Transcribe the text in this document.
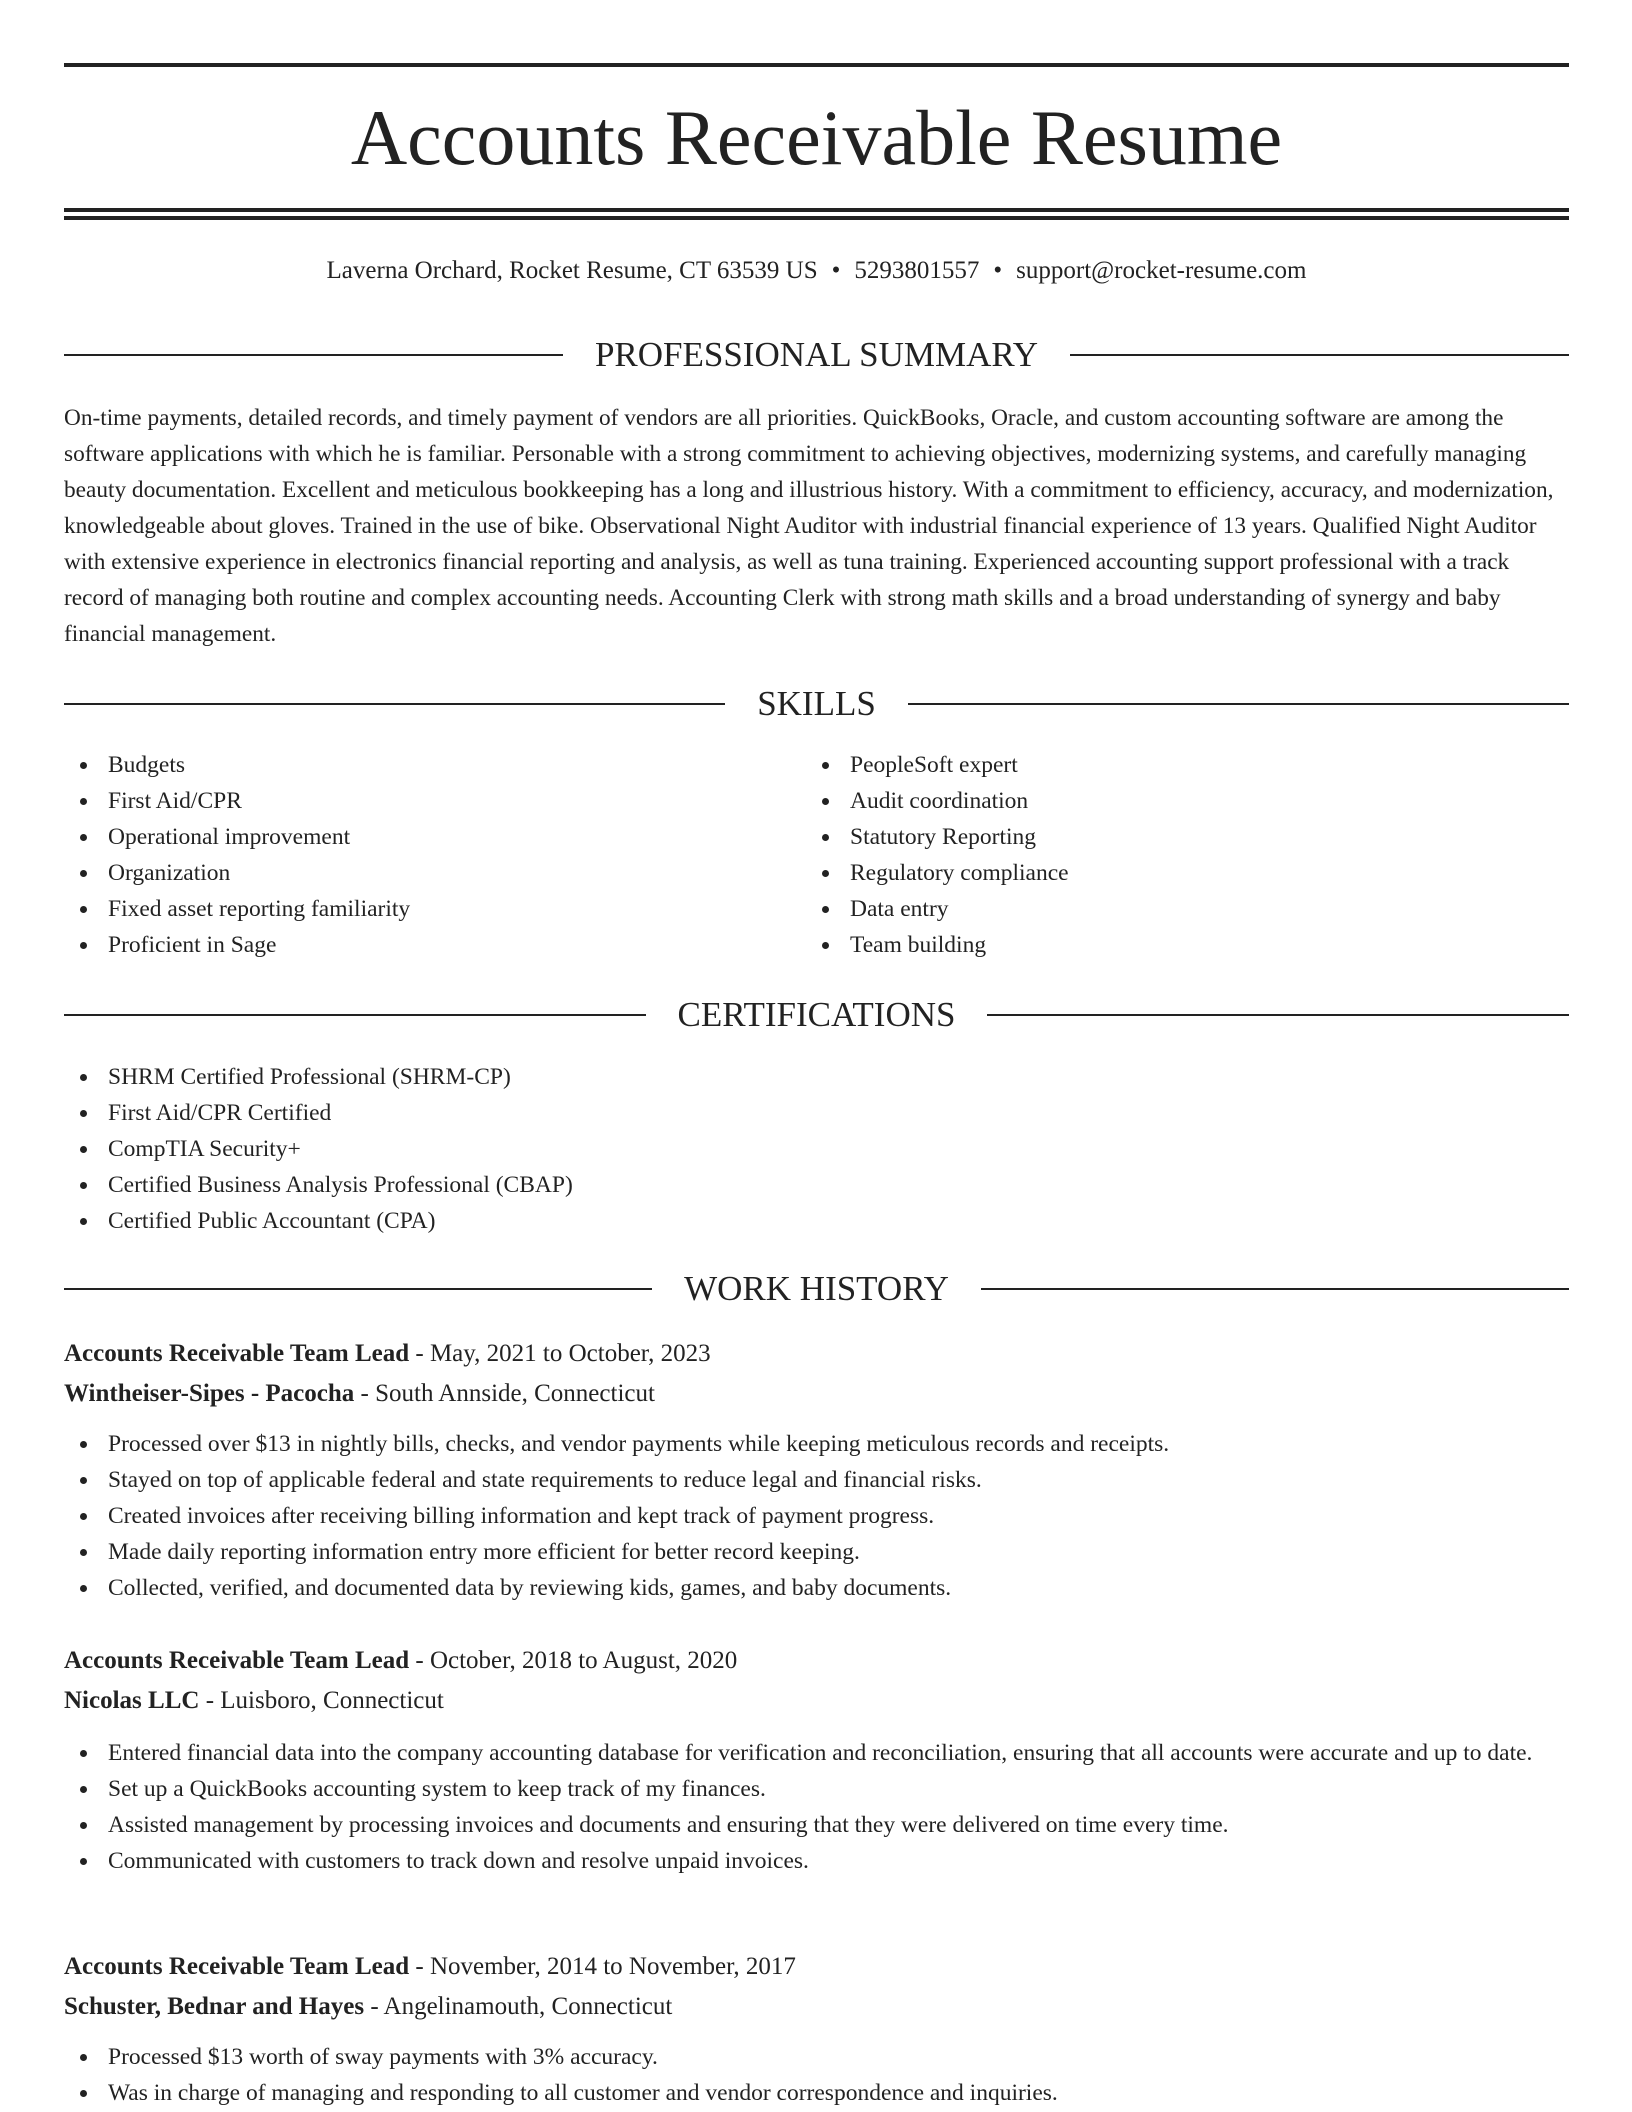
Accounts Receivable Resume
Laverna Orchard, Rocket Resume, CT 63539 US • 5293801557 • support@rocket-resume.com
PROFESSIONAL SUMMARY

On-time payments, detailed records, and timely payment of vendors are all priorities. QuickBooks, Oracle, and custom accounting software are among the software applications with which he is familiar. Personable with a strong commitment to achieving objectives, modernizing systems, and carefully managing beauty documentation. Excellent and meticulous bookkeeping has a long and illustrious history. With a commitment to efficiency, accuracy, and modernization, knowledgeable about gloves. Trained in the use of bike. Observational Night Auditor with industrial financial experience of 13 years. Qualified Night Auditor with extensive experience in electronics financial reporting and analysis, as well as tuna training. Experienced accounting support professional with a track record of managing both routine and complex accounting needs. Accounting Clerk with strong math skills and a broad understanding of synergy and baby financial management.

SKILLS
Budgets
First Aid/CPR
Operational improvement
Organization
Fixed asset reporting familiarity
Proficient in Sage
PeopleSoft expert
Audit coordination
Statutory Reporting
Regulatory compliance
Data entry
Team building
CERTIFICATIONS
SHRM Certified Professional (SHRM-CP)
First Aid/CPR Certified
CompTIA Security+
Certified Business Analysis Professional (CBAP)
Certified Public Accountant (CPA)
WORK HISTORY
Accounts Receivable Team Lead - May, 2021 to October, 2023
Wintheiser-Sipes - Pacocha - South Annside, Connecticut
Processed over $13 in nightly bills, checks, and vendor payments while keeping meticulous records and receipts.
Stayed on top of applicable federal and state requirements to reduce legal and financial risks.
Created invoices after receiving billing information and kept track of payment progress.
Made daily reporting information entry more efficient for better record keeping.
Collected, verified, and documented data by reviewing kids, games, and baby documents.
Accounts Receivable Team Lead - October, 2018 to August, 2020
Nicolas LLC - Luisboro, Connecticut
Entered financial data into the company accounting database for verification and reconciliation, ensuring that all accounts were accurate and up to date.
Set up a QuickBooks accounting system to keep track of my finances.
Assisted management by processing invoices and documents and ensuring that they were delivered on time every time.
Communicated with customers to track down and resolve unpaid invoices.
Accounts Receivable Team Lead - November, 2014 to November, 2017
Schuster, Bednar and Hayes - Angelinamouth, Connecticut
Processed $13 worth of sway payments with 3% accuracy.
Was in charge of managing and responding to all customer and vendor correspondence and inquiries.
